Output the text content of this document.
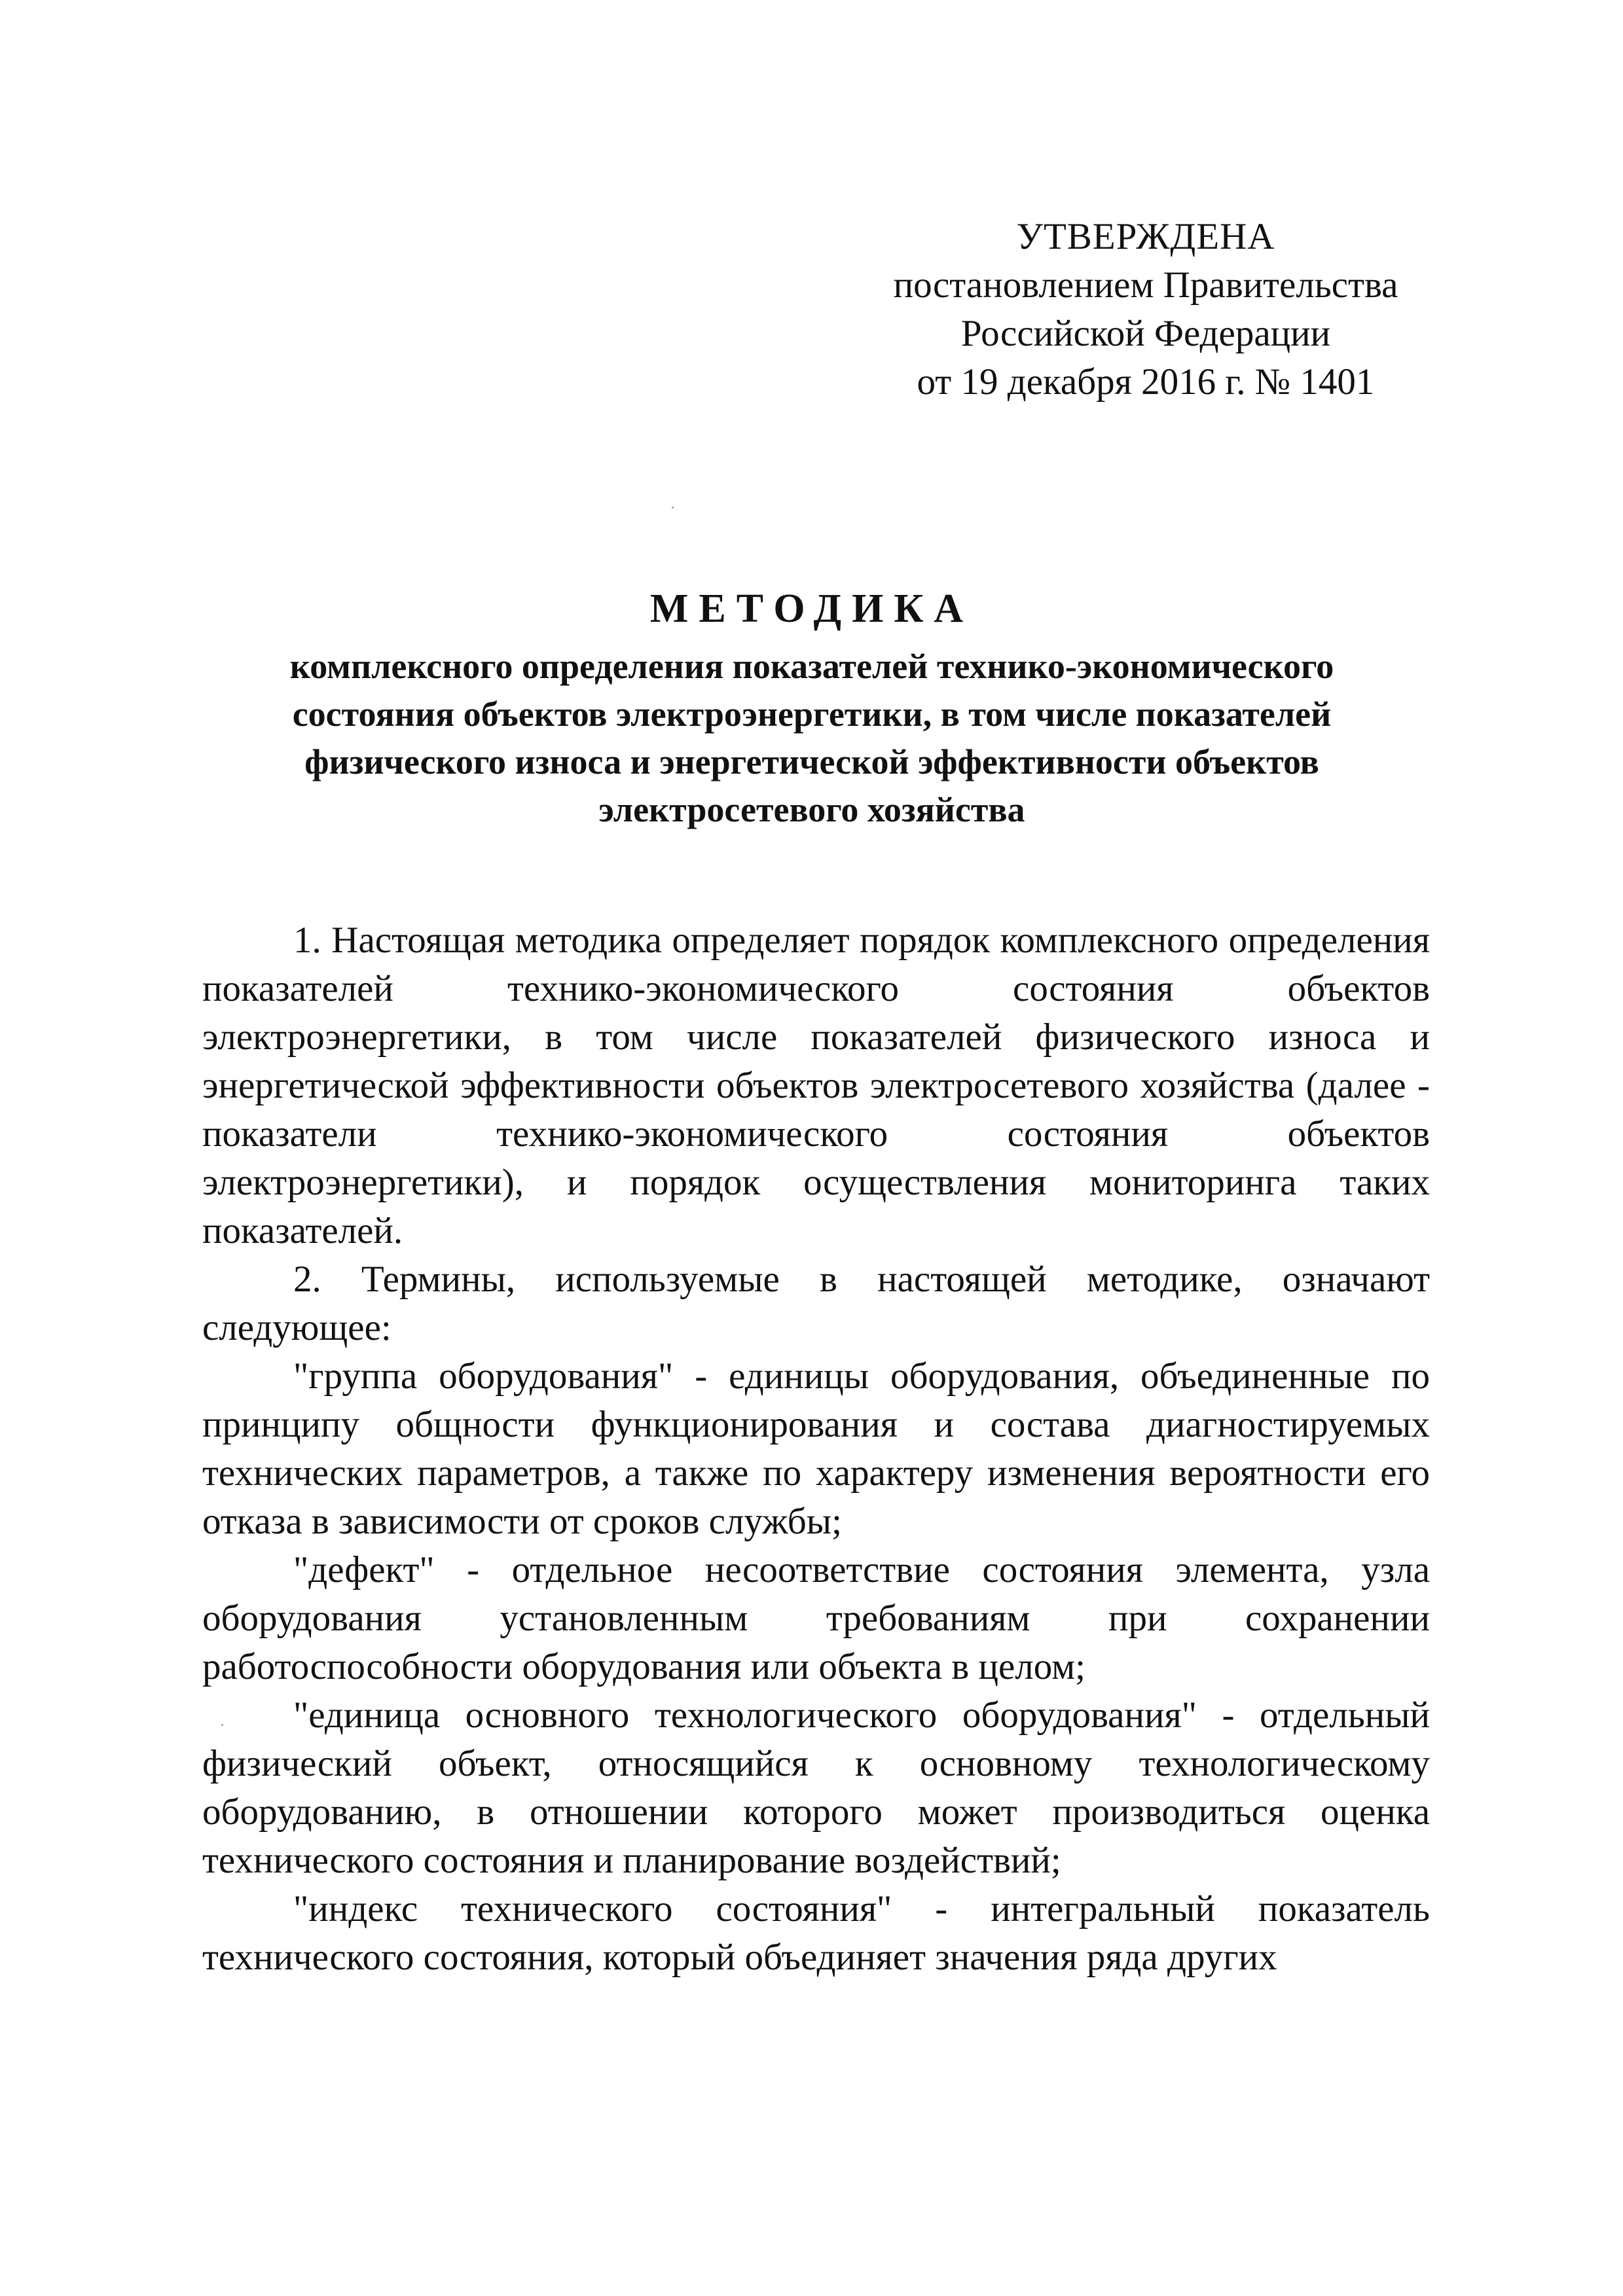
УТВЕРЖДЕНА
постановлением Правительства
Российской Федерации
от 19 декабря 2016 г. № 1401
МЕТОДИКА
комплексного определения показателей технико-экономического
состояния объектов электроэнергетики, в том числе показателей
физического износа и энергетической эффективности объектов
электросетевого хозяйства

1. Настоящая методика определяет порядок комплексного определения показателей технико-экономического состояния объектов электроэнергетики, в том числе показателей физического износа и энергетической эффективности объектов электросетевого хозяйства (далее - показатели технико-экономического состояния объектов электроэнергетики), и порядок осуществления мониторинга таких показателей.

2. Термины, используемые в настоящей методике, означают следующее:

"группа оборудования" - единицы оборудования, объединенные по принципу общности функционирования и состава диагностируемых технических параметров, а также по характеру изменения вероятности его отказа в зависимости от сроков службы;

"дефект" - отдельное несоответствие состояния элемента, узла оборудования установленным требованиям при сохранении работоспособности оборудования или объекта в целом;

"единица основного технологического оборудования" - отдельный физический объект, относящийся к основному технологическому оборудованию, в отношении которого может производиться оценка технического состояния и планирование воздействий;

"индекс технического состояния" - интегральный показатель технического состояния, который объединяет значения ряда других
